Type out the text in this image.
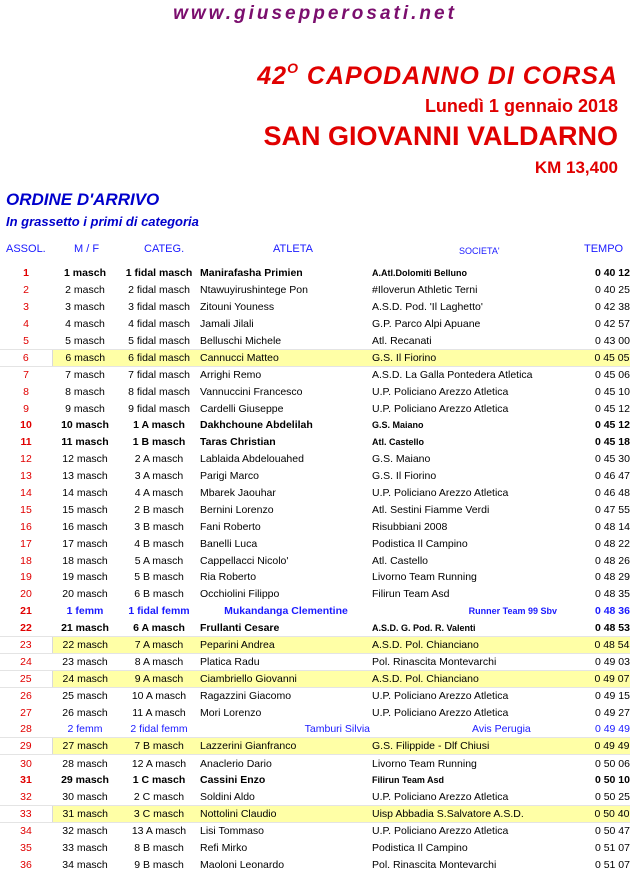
www.giusepperosati.net
$42^O$ CAPODANNO DI CORSA
Lunedì 1 gennaio 2018
SAN GIOVANNI VALDARNO
KM 13,400
ORDINE D'ARRIVO
In grassetto i primi di categoria
ASSOL.	M / F	CATEG.	ATLETA	SOCIETA'	TEMPO
1	1 masch	1 fidal masch	Manirafasha Primien	A.Atl.Dolomiti Belluno	0 40 12
2	2 masch	2 fidal masch	Ntawuyirushintege Pon	#Iloverun Athletic Terni	0 40 25
3	3 masch	3 fidal masch	Zitouni Youness	A.S.D. Pod. 'Il Laghetto'	0 42 38
4	4 masch	4 fidal masch	Jamali Jilali	G.P. Parco Alpi Apuane	0 42 57
5	5 masch	5 fidal masch	Belluschi Michele	Atl. Recanati	0 43 00
6	6 masch	6 fidal masch	Cannucci Matteo	G.S. Il Fiorino	0 45 05
7	7 masch	7 fidal masch	Arrighi Remo	A.S.D. La Galla Pontedera Atletica	0 45 06
8	8 masch	8 fidal masch	Vannuccini Francesco	U.P. Policiano Arezzo Atletica	0 45 10
9	9 masch	9 fidal masch	Cardelli Giuseppe	U.P. Policiano Arezzo Atletica	0 45 12
10	10 masch	1 A masch	Dakhchoune Abdelilah	G.S. Maiano	0 45 12
11	11 masch	1 B masch	Taras Christian	Atl. Castello	0 45 18
12	12 masch	2 A masch	Lablaida Abdelouahed	G.S. Maiano	0 45 30
13	13 masch	3 A masch	Parigi Marco	G.S. Il Fiorino	0 46 47
14	14 masch	4 A masch	Mbarek Jaouhar	U.P. Policiano Arezzo Atletica	0 46 48
15	15 masch	2 B masch	Bernini Lorenzo	Atl. Sestini Fiamme Verdi	0 47 55
16	16 masch	3 B masch	Fani Roberto	Risubbiani 2008	0 48 14
17	17 masch	4 B masch	Banelli Luca	Podistica Il Campino	0 48 22
18	18 masch	5 A masch	Cappellacci Nicolo'	Atl. Castello	0 48 26
19	19 masch	5 B masch	Ria Roberto	Livorno Team Running	0 48 29
20	20 masch	6 B masch	Occhiolini Filippo	Filirun Team Asd	0 48 35
21	1 femm	1 fidal femm	Mukandanga Clementine	Runner Team 99 Sbv	0 48 36
22	21 masch	6 A masch	Frullanti Cesare	A.S.D. G. Pod. R. Valenti	0 48 53
23	22 masch	7 A masch	Peparini Andrea	A.S.D. Pol. Chianciano	0 48 54
24	23 masch	8 A masch	Platica Radu	Pol. Rinascita Montevarchi	0 49 03
25	24 masch	9 A masch	Ciambriello Giovanni	A.S.D. Pol. Chianciano	0 49 07
26	25 masch	10 A masch	Ragazzini Giacomo	U.P. Policiano Arezzo Atletica	0 49 15
27	26 masch	11 A masch	Mori Lorenzo	U.P. Policiano Arezzo Atletica	0 49 27
28	2 femm	2 fidal femm	Tamburi Silvia	Avis Perugia	0 49 49
29	27 masch	7 B masch	Lazzerini Gianfranco	G.S. Filippide - Dlf Chiusi	0 49 49
30	28 masch	12 A masch	Anaclerio Dario	Livorno Team Running	0 50 06
31	29 masch	1 C masch	Cassini Enzo	Filirun Team Asd	0 50 10
32	30 masch	2 C masch	Soldini Aldo	U.P. Policiano Arezzo Atletica	0 50 25
33	31 masch	3 C masch	Nottolini Claudio	Uisp Abbadia S.Salvatore A.S.D.	0 50 40
34	32 masch	13 A masch	Lisi Tommaso	U.P. Policiano Arezzo Atletica	0 50 47
35	33 masch	8 B masch	Refi Mirko	Podistica Il Campino	0 51 07
36	34 masch	9 B masch	Maoloni Leonardo	Pol. Rinascita Montevarchi	0 51 07
